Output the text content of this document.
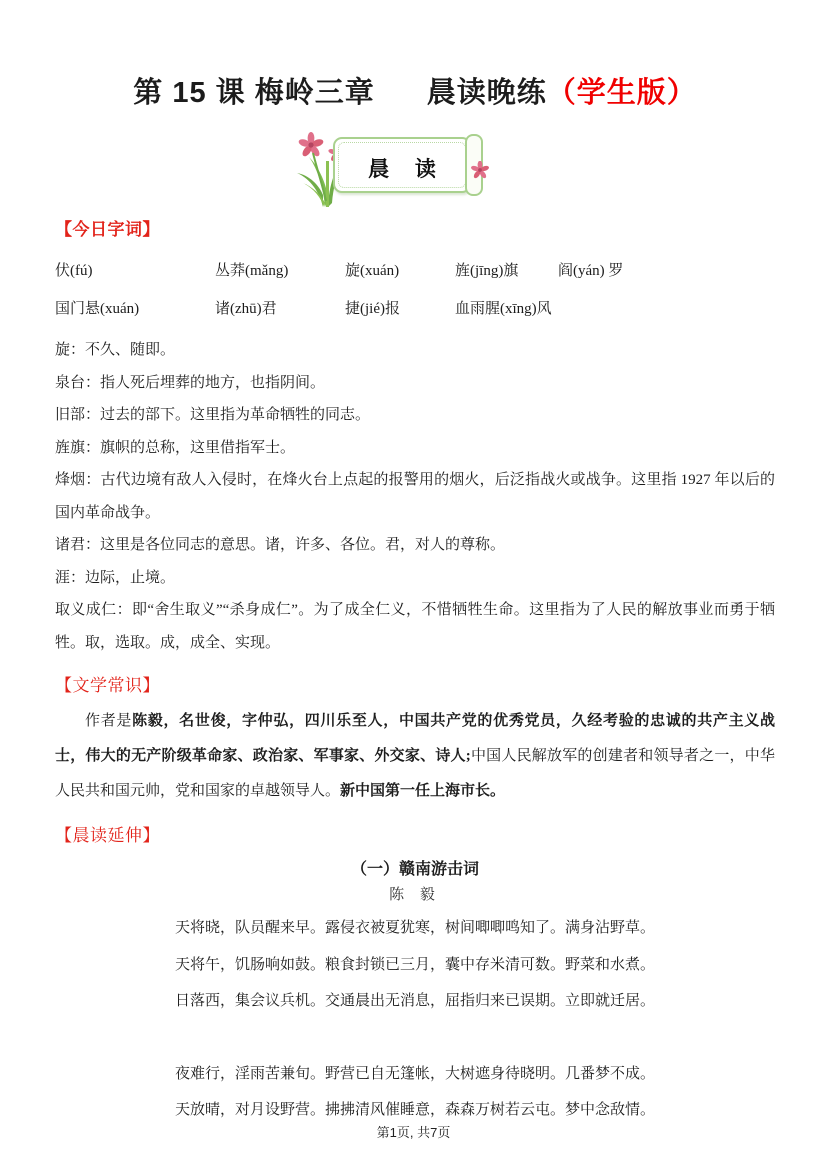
第 15 课 梅岭三章 晨读晚练（学生版）
晨 读
【今日字词】
伏(fú)	丛莽(mǎng)	旋(xuán)	旌(jīng)旗	阎(yán) 罗
国门悬(xuán)	诸(zhū)君	捷(jié)报	血雨腥(xīng)风
旋：不久、随即。
泉台：指人死后埋葬的地方，也指阴间。
旧部：过去的部下。这里指为革命牺牲的同志。
旌旗：旗帜的总称，这里借指军士。
烽烟：古代边境有敌人入侵时，在烽火台上点起的报警用的烟火，后泛指战火或战争。这里指 1927 年以后的国内革命战争。
诸君：这里是各位同志的意思。诸，许多、各位。君，对人的尊称。
涯：边际，止境。
取义成仁：即“舍生取义”“杀身成仁”。为了成全仁义，不惜牺牲生命。这里指为了人民的解放事业而勇于牺牲。取，选取。成，成全、实现。
【文学常识】

作者是陈毅，名世俊，字仲弘，四川乐至人，中国共产党的优秀党员，久经考验的忠诚的共产主义战士，伟大的无产阶级革命家、政治家、军事家、外交家、诗人;中国人民解放军的创建者和领导者之一，中华人民共和国元帅，党和国家的卓越领导人。新中国第一任上海市长。

【晨读延伸】
（一）赣南游击词
陈 毅
天将晓，队员醒来早。露侵衣被夏犹寒，树间唧唧鸣知了。满身沾野草。
天将午，饥肠响如鼓。粮食封锁已三月，囊中存米清可数。野菜和水煮。
日落西，集会议兵机。交通晨出无消息，屈指归来已误期。立即就迁居。
夜难行，淫雨苦兼旬。野营已自无篷帐，大树遮身待晓明。几番梦不成。
天放晴，对月设野营。拂拂清风催睡意，森森万树若云屯。梦中念敌情。
第1页, 共7页
